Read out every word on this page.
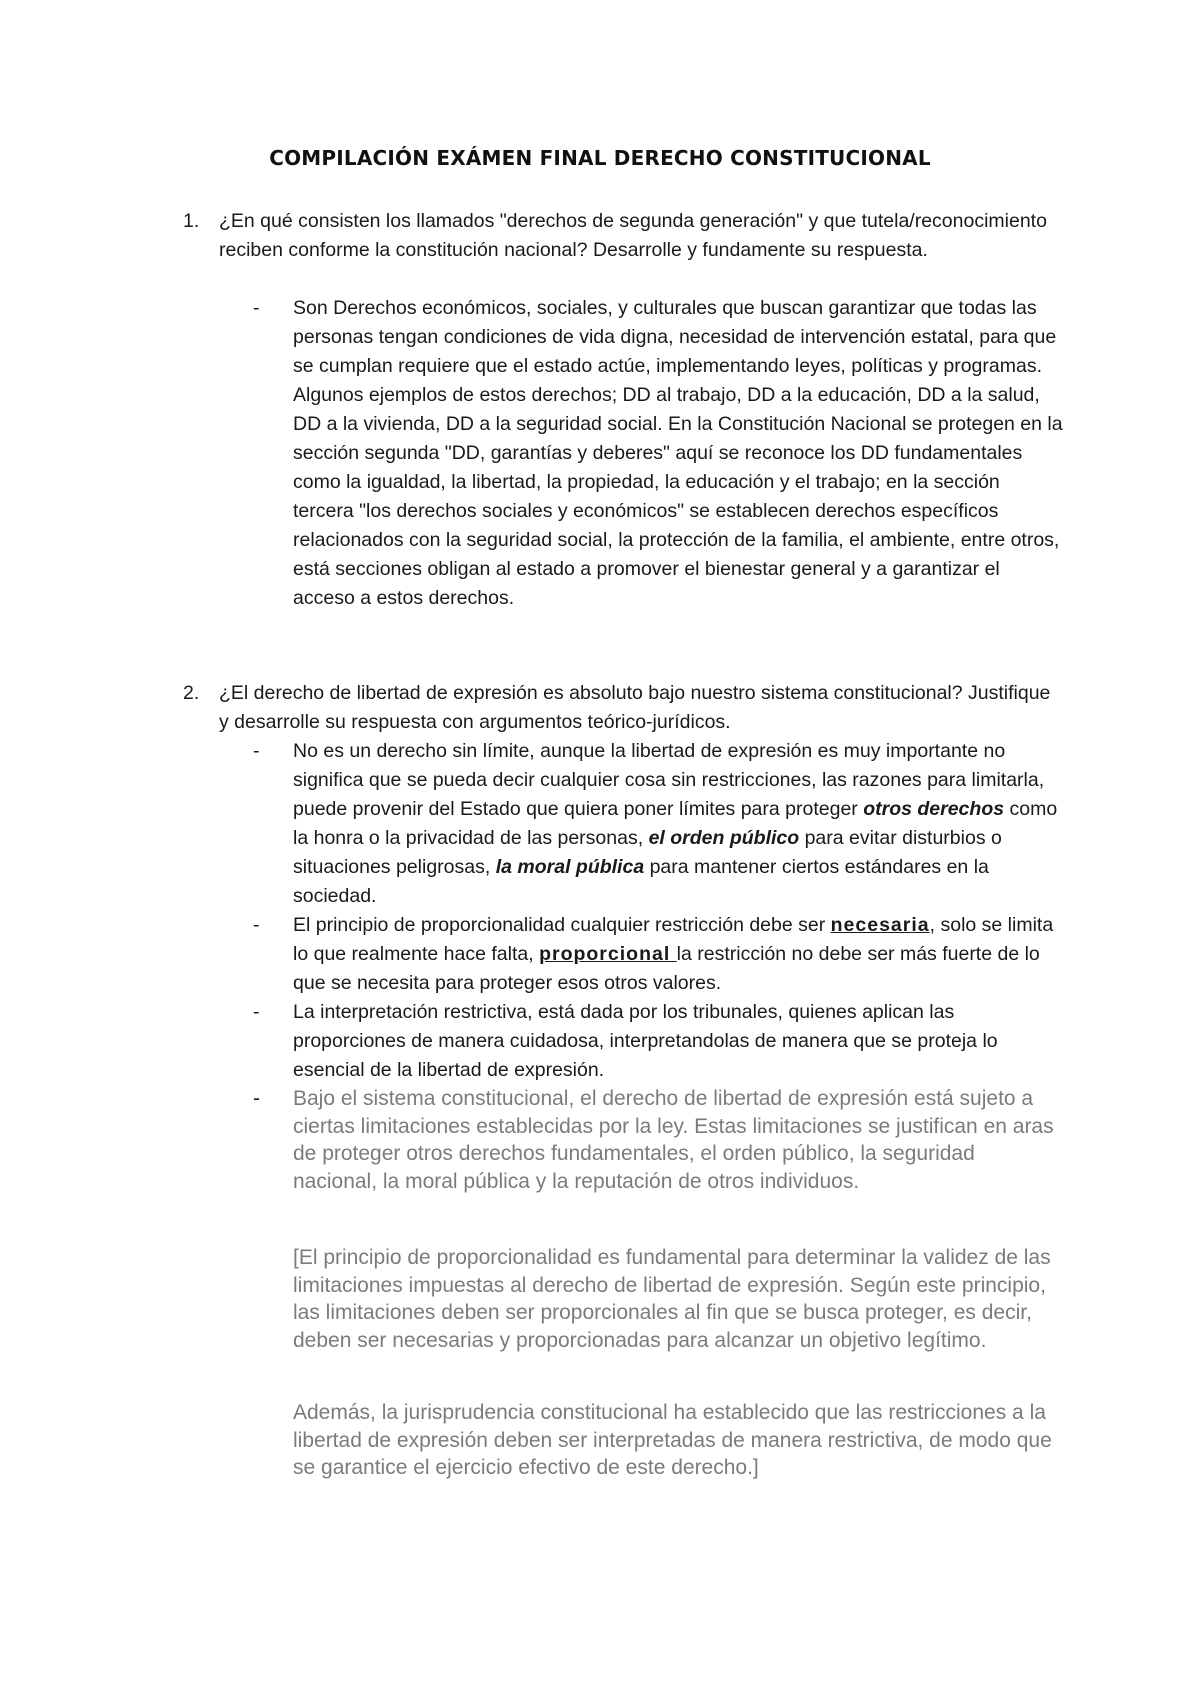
COMPILACIÓN EXÁMEN FINAL DERECHO CONSTITUCIONAL
1. ¿En qué consisten los llamados "derechos de segunda generación" y que tutela/reconocimiento reciben conforme la constitución nacional? Desarrolle y fundamente su respuesta.
- Son Derechos económicos, sociales, y culturales que buscan garantizar que todas las personas tengan condiciones de vida digna, necesidad de intervención estatal, para que se cumplan requiere que el estado actúe, implementando leyes, políticas y programas. Algunos ejemplos de estos derechos; DD al trabajo, DD a la educación, DD a la salud, DD a la vivienda, DD a la seguridad social. En la Constitución Nacional se protegen en la sección segunda "DD, garantías y deberes" aquí se reconoce los DD fundamentales como la igualdad, la libertad, la propiedad, la educación y el trabajo; en la sección tercera "los derechos sociales y económicos" se establecen derechos específicos relacionados con la seguridad social, la protección de la familia, el ambiente, entre otros, está secciones obligan al estado a promover el bienestar general y a garantizar el acceso a estos derechos.
2. ¿El derecho de libertad de expresión es absoluto bajo nuestro sistema constitucional? Justifique y desarrolle su respuesta con argumentos teórico-jurídicos.
- No es un derecho sin límite, aunque la libertad de expresión es muy importante no significa que se pueda decir cualquier cosa sin restricciones, las razones para limitarla, puede provenir del Estado que quiera poner límites para proteger otros derechos como la honra o la privacidad de las personas, el orden público para evitar disturbios o situaciones peligrosas, la moral pública para mantener ciertos estándares en la sociedad.
- El principio de proporcionalidad cualquier restricción debe ser necesaria, solo se limita lo que realmente hace falta, proporcional la restricción no debe ser más fuerte de lo que se necesita para proteger esos otros valores.
- La interpretación restrictiva, está dada por los tribunales, quienes aplican las proporciones de manera cuidadosa, interpretandolas de manera que se proteja lo esencial de la libertad de expresión.
- Bajo el sistema constitucional, el derecho de libertad de expresión está sujeto a ciertas limitaciones establecidas por la ley. Estas limitaciones se justifican en aras de proteger otros derechos fundamentales, el orden público, la seguridad nacional, la moral pública y la reputación de otros individuos.
[El principio de proporcionalidad es fundamental para determinar la validez de las limitaciones impuestas al derecho de libertad de expresión. Según este principio, las limitaciones deben ser proporcionales al fin que se busca proteger, es decir, deben ser necesarias y proporcionadas para alcanzar un objetivo legítimo.
Además, la jurisprudencia constitucional ha establecido que las restricciones a la libertad de expresión deben ser interpretadas de manera restrictiva, de modo que se garantice el ejercicio efectivo de este derecho.]
